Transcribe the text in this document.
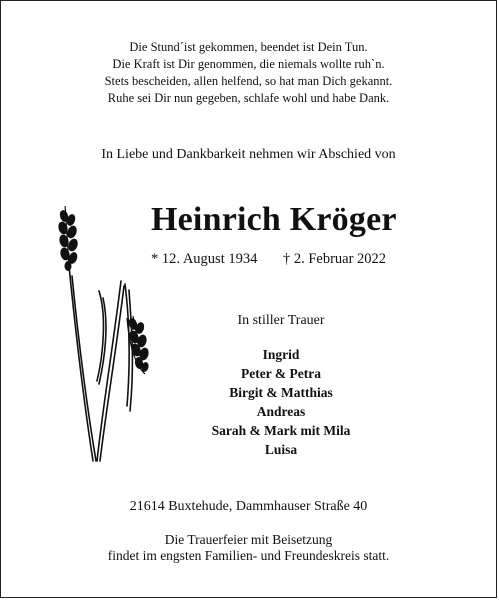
Die Stund´ist gekommen, beendet ist Dein Tun.
Die Kraft ist Dir genommen, die niemals wollte ruh`n.
Stets bescheiden, allen helfend, so hat man Dich gekannt.
Ruhe sei Dir nun gegeben, schlafe wohl und habe Dank.
In Liebe und Dankbarkeit nehmen wir Abschied von
Heinrich Kröger
* 12. August 1934 † 2. Februar 2022
In stiller Trauer
Ingrid
Peter & Petra
Birgit & Matthias
Andreas
Sarah & Mark mit Mila
Luisa
21614 Buxtehude, Dammhauser Straße 40
Die Trauerfeier mit Beisetzung
findet im engsten Familien- und Freundeskreis statt.
